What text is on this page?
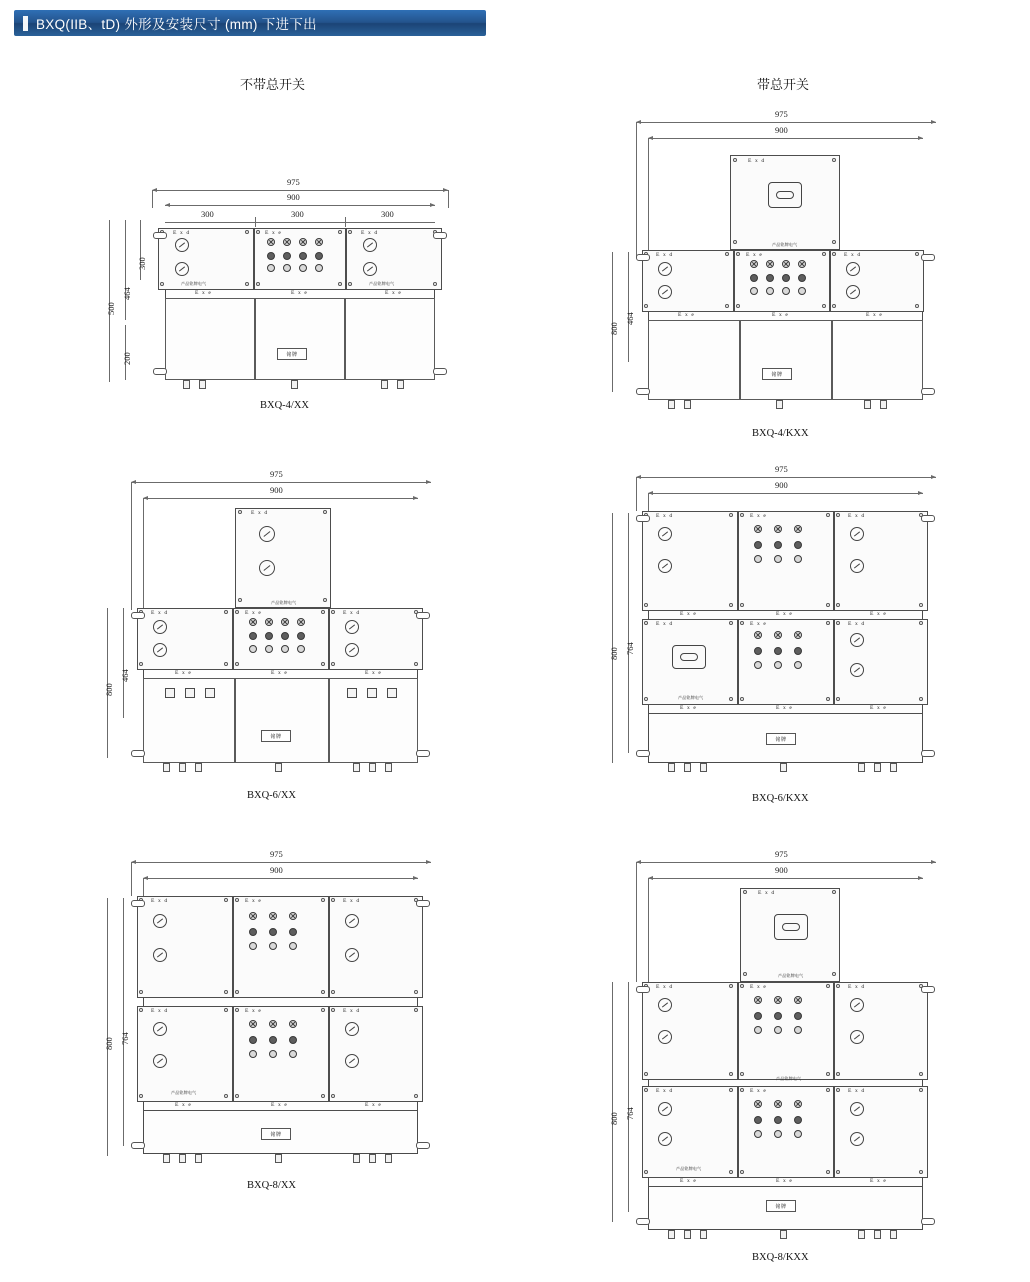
BXQ(IIB、tD) 外形及安装尺寸 (mm) 下进下出
不带总开关	带总开关
975
900
300	300	300
500
464
300
200
E x d
产品铭牌电气
E x e	E x d
产品铭牌电气
E x e	E x e	E x e
铭牌
BXQ-4/XX
975
900
800
464
E x d
产品铭牌电气
E x d	E x e	E x d
E x e	E x e	E x e
铭牌
BXQ-4/KXX
975
900
800
464
E x d
产品铭牌电气
E x d	E x e	E x d
E x e	E x e	E x e
铭牌
BXQ-6/XX
975
900
800 764
E x d	E x e	E x d
E x e	E x e	E x e
E x d
产品铭牌电气
E x e	E x d
E x e	E x e	E x e
铭牌
BXQ-6/KXX
975
900
800 764
E x d	E x e	E x d
E x d
产品铭牌电气
E x e	E x d
E x e	E x e	E x e
铭牌
BXQ-8/XX
975
900
800 764
E x d
产品铭牌电气
E x d	E x e	E x d
产品铭牌电气
E x d
产品铭牌电气
E x e	E x d
E x e	E x e	E x e
铭牌
BXQ-8/KXX
